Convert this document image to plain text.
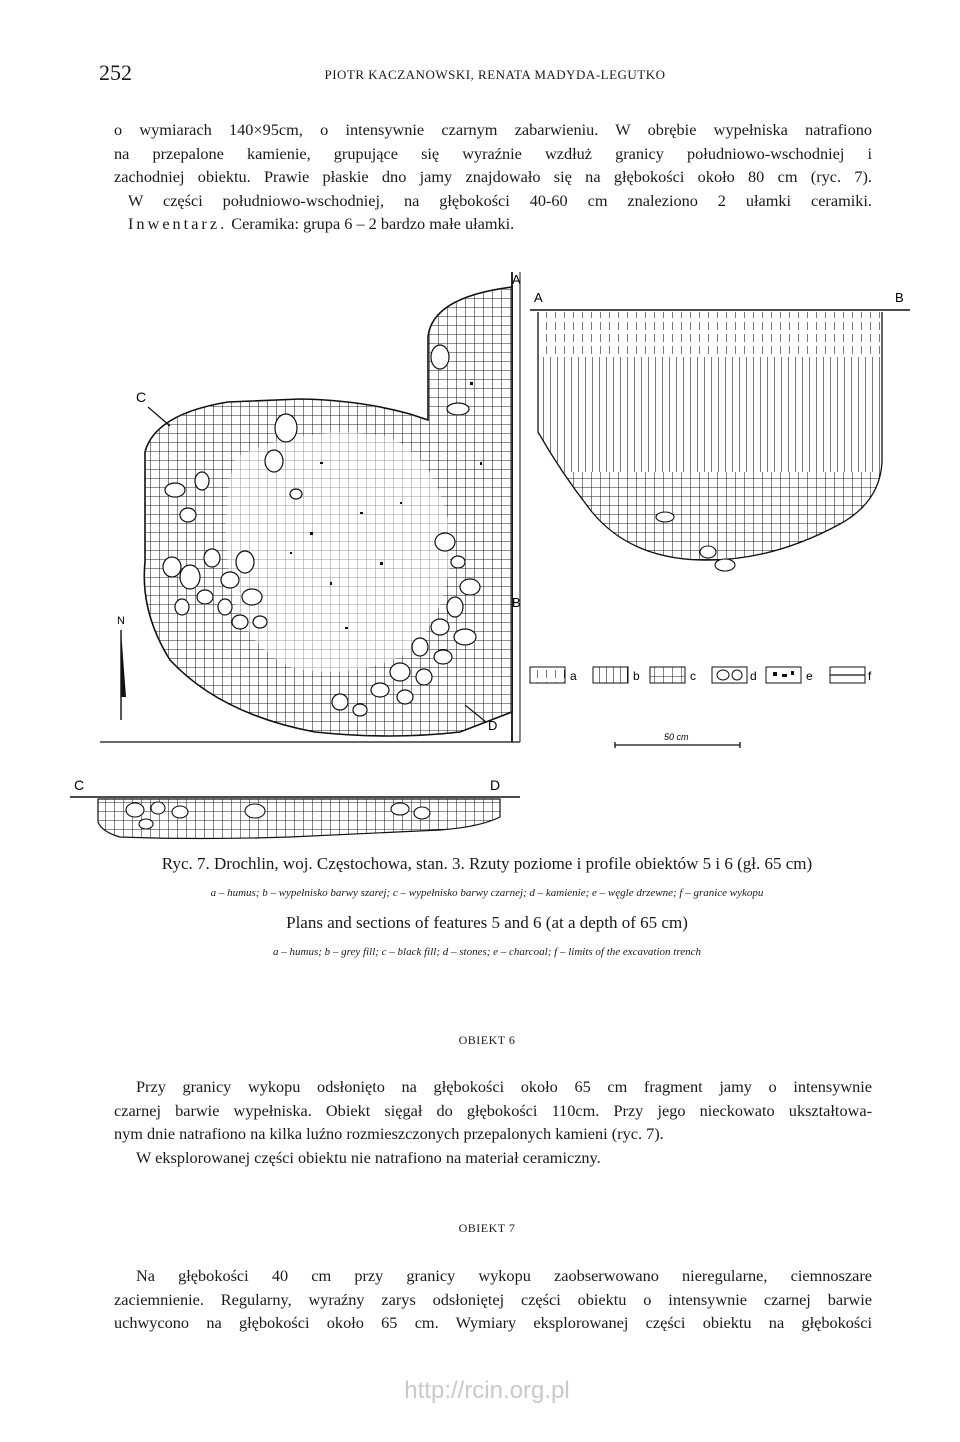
252	PIOTR KACZANOWSKI, RENATA MADYDA-LEGUTKO
o wymiarach 140×95cm, o intensywnie czarnym zabarwieniu. W obrębie wypełniska natrafiono
na przepalone kamienie, grupujące się wyraźnie wzdłuż granicy południowo-wschodniej i
zachodniej obiektu. Prawie płaskie dno jamy znajdowało się na głębokości około 80 cm (ryc. 7).
W części południowo-wschodniej, na głębokości 40-60 cm znaleziono 2 ułamki ceramiki.
Inwentarz. Ceramika: grupa 6 – 2 bardzo małe ułamki.
A
C
B
D
N
A	B
a	b	c	d	e	f
50 cm
C	D
Ryc. 7. Drochlin, woj. Częstochowa, stan. 3. Rzuty poziome i profile obiektów 5 i 6 (gł. 65 cm)
a – humus; b – wypełnisko barwy szarej; c – wypełnisko barwy czarnej; d – kamienie; e – węgle drzewne; f – granice wykopu
Plans and sections of features 5 and 6 (at a depth of 65 cm)
a – humus; b – grey fill; c – black fill; d – stones; e – charcoal; f – limits of the excavation trench
OBIEKT 6
Przy granicy wykopu odsłonięto na głębokości około 65 cm fragment jamy o intensywnie
czarnej barwie wypełniska. Obiekt sięgał do głębokości 110cm. Przy jego nieckowato ukształtowa-
nym dnie natrafiono na kilka luźno rozmieszczonych przepalonych kamieni (ryc. 7).
W eksplorowanej części obiektu nie natrafiono na materiał ceramiczny.
OBIEKT 7
Na głębokości 40 cm przy granicy wykopu zaobserwowano nieregularne, ciemnoszare
zaciemnienie. Regularny, wyraźny zarys odsłoniętej części obiektu o intensywnie czarnej barwie
uchwycono na głębokości około 65 cm. Wymiary eksplorowanej części obiektu na głębokości
http://rcin.org.pl
